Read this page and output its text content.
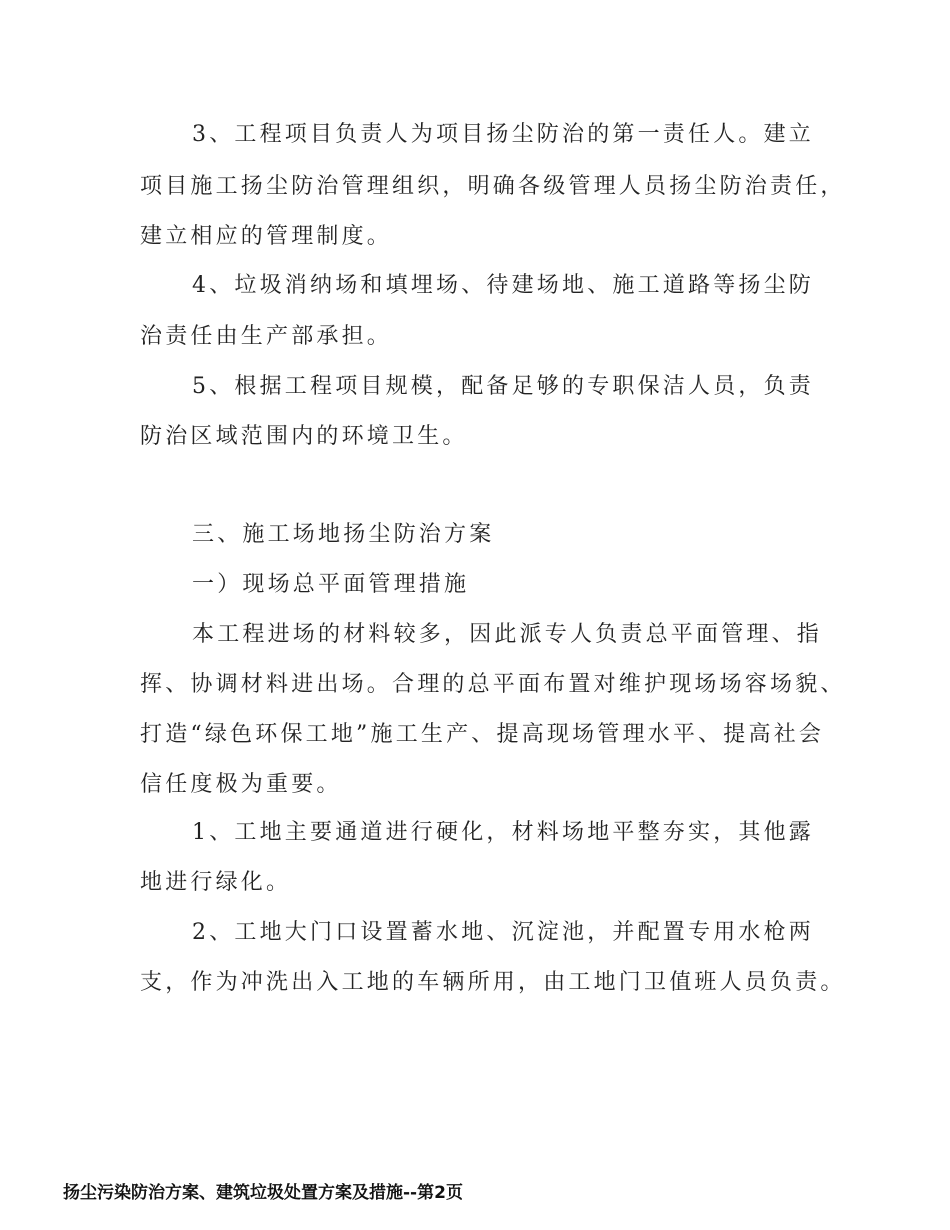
3、工程项目负责人为项目扬尘防治的第一责任人。建立
项目施工扬尘防治管理组织，明确各级管理人员扬尘防治责任，
建立相应的管理制度。
4、垃圾消纳场和填埋场、待建场地、施工道路等扬尘防
治责任由生产部承担。
5、根据工程项目规模，配备足够的专职保洁人员，负责
防治区域范围内的环境卫生。
三、施工场地扬尘防治方案
一）现场总平面管理措施
本工程进场的材料较多，因此派专人负责总平面管理、指
挥、协调材料进出场。合理的总平面布置对维护现场场容场貌、
打造“绿色环保工地”施工生产、提高现场管理水平、提高社会
信任度极为重要。
1、工地主要通道进行硬化，材料场地平整夯实，其他露
地进行绿化。
2、工地大门口设置蓄水地、沉淀池，并配置专用水枪两
支，作为冲洗出入工地的车辆所用，由工地门卫值班人员负责。
扬尘污染防治方案、建筑垃圾处置方案及措施--第2页
